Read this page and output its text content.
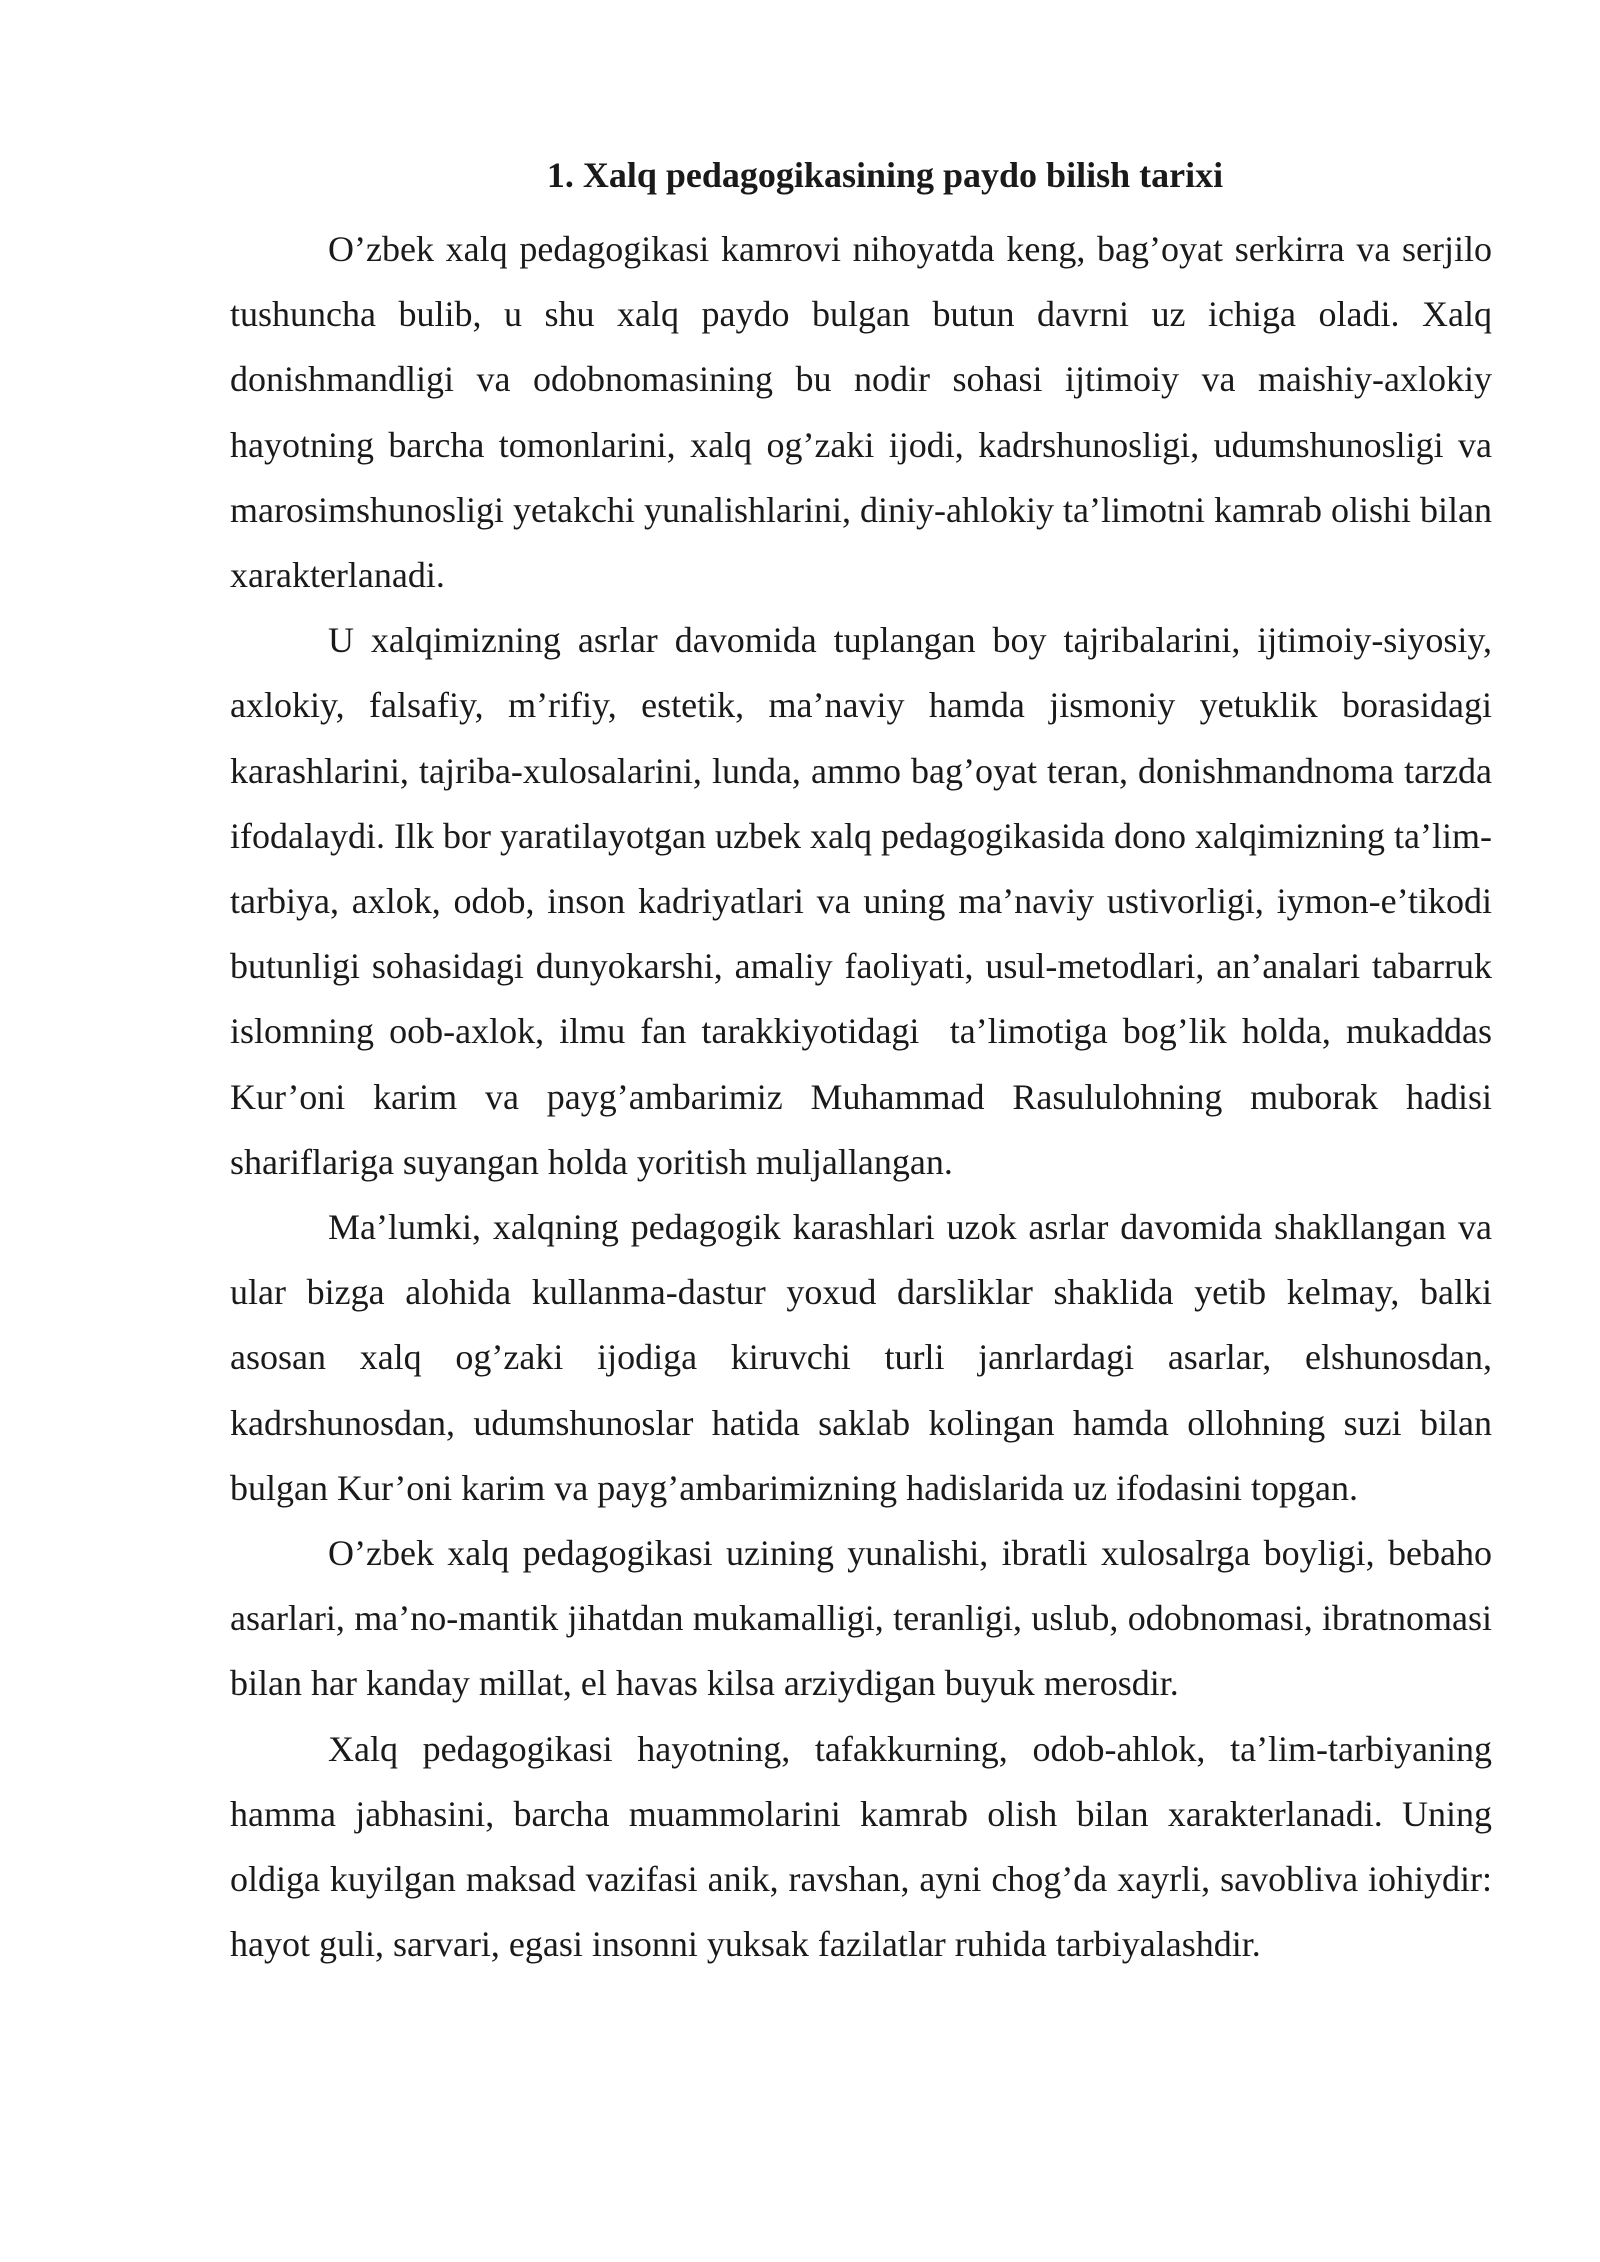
1. Xalq pedagogikasining paydo bilish tarixi

O’zbek xalq pedagogikasi kamrovi nihoyatda keng, bag’oyat serkirra va serjilo tushuncha bulib, u shu xalq paydo bulgan butun davrni uz ichiga oladi. Xalq donishmandligi va odobnomasining bu nodir sohasi ijtimoiy va maishiy-axlokiy hayotning barcha tomonlarini, xalq og’zaki ijodi, kadrshunosligi, udumshunosligi va marosimshunosligi yetakchi yunalishlarini, diniy-ahlokiy ta’limotni kamrab olishi bilan xarakterlanadi.

U xalqimizning asrlar davomida tuplangan boy tajribalarini, ijtimoiy-siyosiy, axlokiy, falsafiy, m’rifiy, estetik, ma’naviy hamda jismoniy yetuklik borasidagi karashlarini, tajriba-xulosalarini, lunda, ammo bag’oyat teran, donishmandnoma tarzda ifodalaydi. Ilk bor yaratilayotgan uzbek xalq pedagogikasida dono xalqimizning ta’lim-tarbiya, axlok, odob, inson kadriyatlari va uning ma’naviy ustivorligi, iymon-e’tikodi butunligi sohasidagi dunyokarshi, amaliy faoliyati, usul-metodlari, an’analari tabarruk islomning oob-axlok, ilmu fan tarakkiyotidagi  ta’limotiga bog’lik holda, mukaddas Kur’oni karim va payg’ambarimiz Muhammad Rasululohning muborak hadisi shariflariga suyangan holda yoritish muljallangan.

Ma’lumki, xalqning pedagogik karashlari uzok asrlar davomida shakllangan va ular bizga alohida kullanma-dastur yoxud darsliklar shaklida yetib kelmay, balki asosan xalq og’zaki ijodiga kiruvchi turli janrlardagi asarlar, elshunosdan, kadrshunosdan, udumshunoslar hatida saklab kolingan hamda ollohning suzi bilan bulgan Kur’oni karim va payg’ambarimizning hadislarida uz ifodasini topgan.

O’zbek xalq pedagogikasi uzining yunalishi, ibratli xulosalrga boyligi, bebaho asarlari, ma’no-mantik jihatdan mukamalligi, teranligi, uslub, odobnomasi, ibratnomasi bilan har kanday millat, el havas kilsa arziydigan buyuk merosdir.

Xalq pedagogikasi hayotning, tafakkurning, odob-ahlok, ta’lim-tarbiyaning hamma jabhasini, barcha muammolarini kamrab olish bilan xarakterlanadi. Uning oldiga kuyilgan maksad vazifasi anik, ravshan, ayni chog’da xayrli, savobliva iohiydir: hayot guli, sarvari, egasi insonni yuksak fazilatlar ruhida tarbiyalashdir.
